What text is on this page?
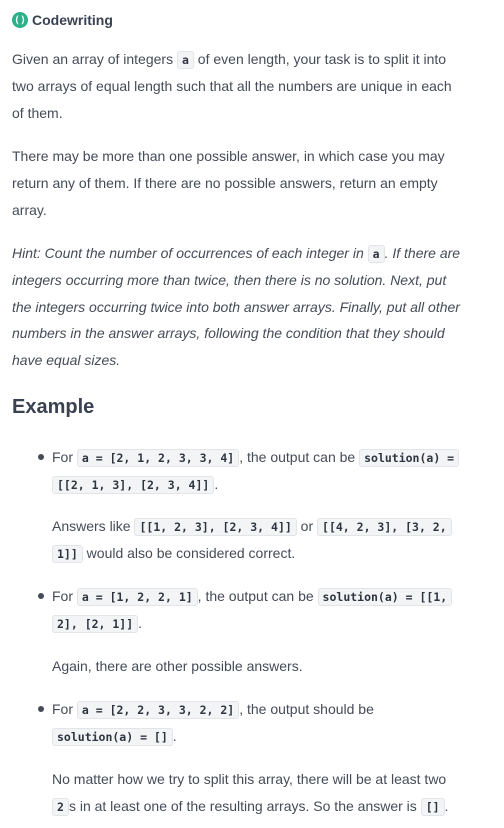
() Codewriting

Given an array of integers a of even length, your task is to split it into

two arrays of equal length such that all the numbers are unique in each

of them.

There may be more than one possible answer, in which case you may

return any of them. If there are no possible answers, return an empty

array.

Hint: Count the number of occurrences of each integer in a . If there are

integers occurring more than twice, then there is no solution. Next, put

the integers occurring twice into both answer arrays. Finally, put all other

numbers in the answer arrays, following the condition that they should

have equal sizes.

Example

For a = [2, 1, 2, 3, 3, 4] , the output can be solution(a) =

[[2, 1, 3], [2, 3, 4]] .

Answers like [[1, 2, 3], [2, 3, 4]] or [[4, 2, 3], [3, 2,

1]] would also be considered correct.

For a = [1, 2, 2, 1] , the output can be solution(a) = [[1,

2], [2, 1]] .

Again, there are other possible answers.

For a = [2, 2, 3, 3, 2, 2] , the output should be

solution(a) = [] .

No matter how we try to split this array, there will be at least two

2 s in at least one of the resulting arrays. So the answer is [] .
